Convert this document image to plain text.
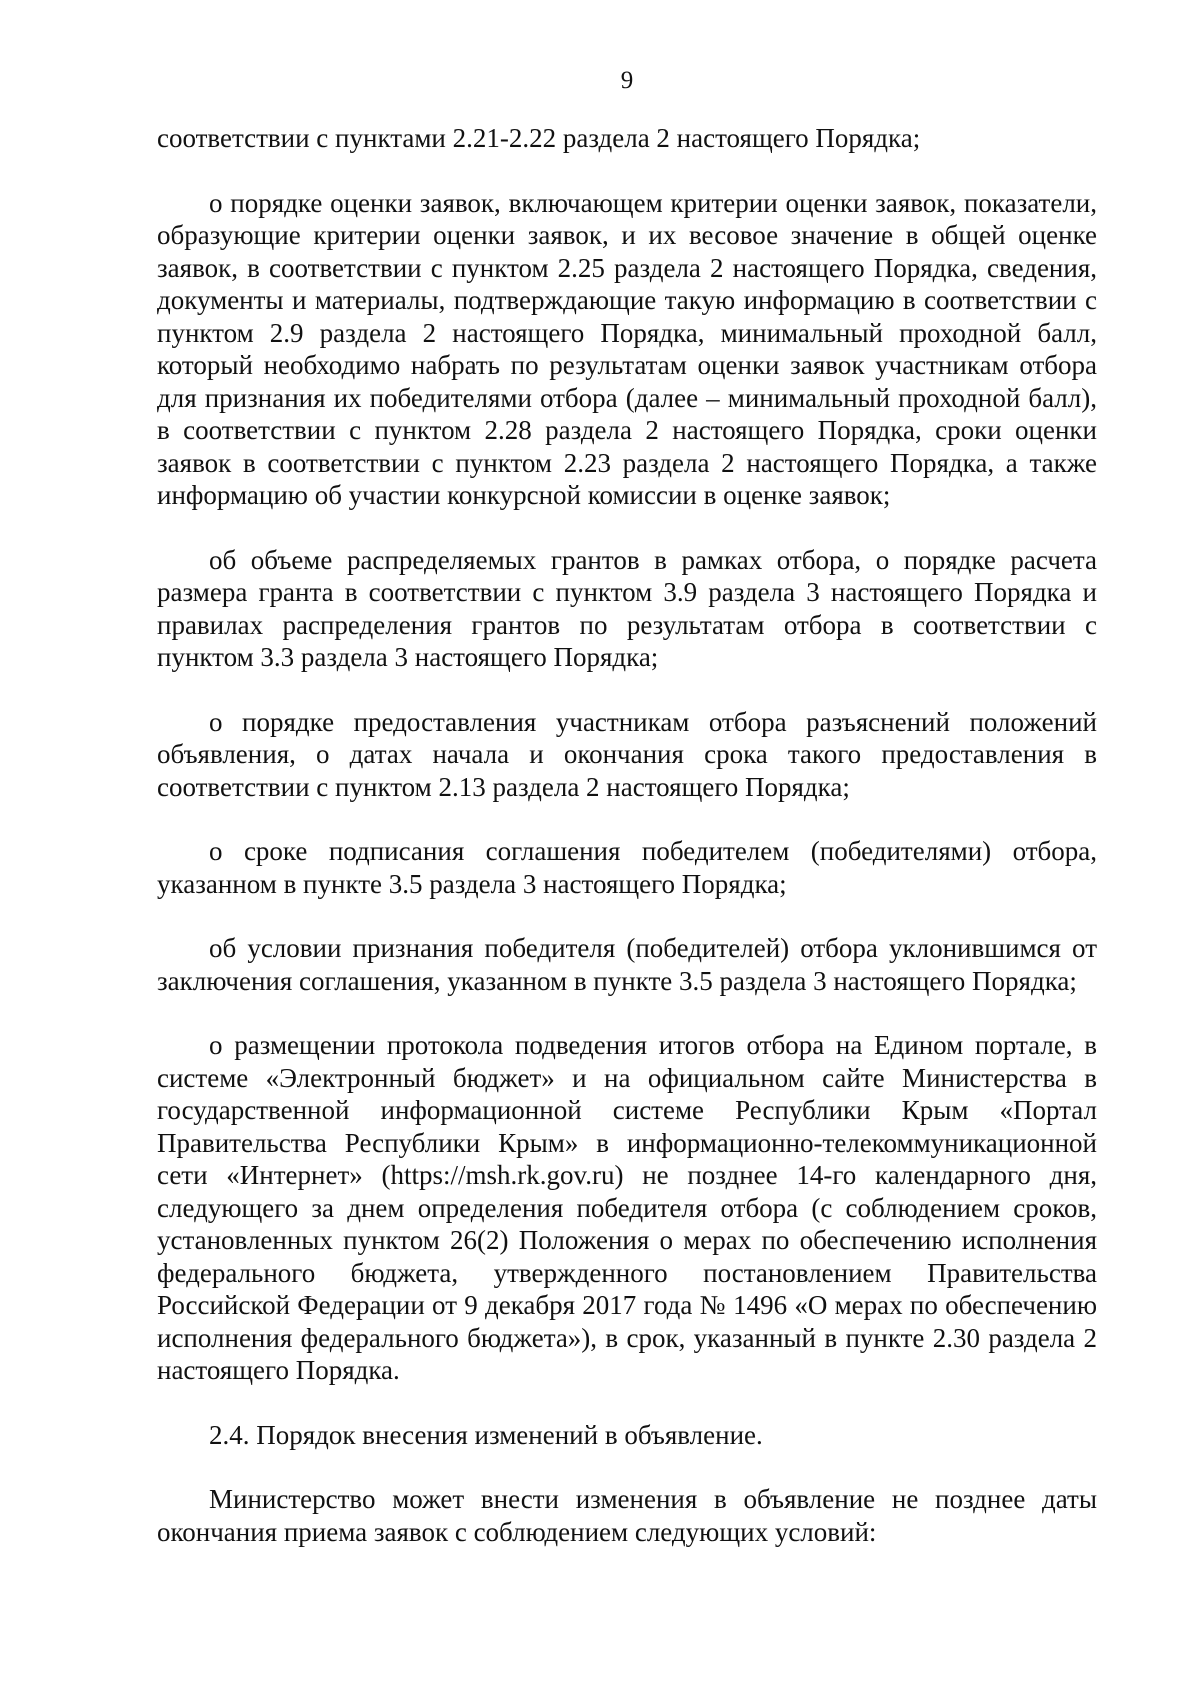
9

соответствии с пунктами 2.21-2.22 раздела 2 настоящего Порядка;

о порядке оценки заявок, включающем критерии оценки заявок, показатели, образующие критерии оценки заявок, и их весовое значение в общей оценке заявок, в соответствии с пунктом 2.25 раздела 2 настоящего Порядка, сведения, документы и материалы, подтверждающие такую информацию в соответствии с пунктом 2.9 раздела 2 настоящего Порядка, минимальный проходной балл, который необходимо набрать по результатам оценки заявок участникам отбора для признания их победителями отбора (далее – минимальный проходной балл), в соответствии с пунктом 2.28 раздела 2 настоящего Порядка, сроки оценки заявок в соответствии с пунктом 2.23 раздела 2 настоящего Порядка, а также информацию об участии конкурсной комиссии в оценке заявок;

об объеме распределяемых грантов в рамках отбора, о порядке расчета размера гранта в соответствии с пунктом 3.9 раздела 3 настоящего Порядка и правилах распределения грантов по результатам отбора в соответствии с пунктом 3.3 раздела 3 настоящего Порядка;

о порядке предоставления участникам отбора разъяснений положений объявления, о датах начала и окончания срока такого предоставления в соответствии с пунктом 2.13 раздела 2 настоящего Порядка;

о сроке подписания соглашения победителем (победителями) отбора, указанном в пункте 3.5 раздела 3 настоящего Порядка;

об условии признания победителя (победителей) отбора уклонившимся от заключения соглашения, указанном в пункте 3.5 раздела 3 настоящего Порядка;

о размещении протокола подведения итогов отбора на Едином портале, в системе «Электронный бюджет» и на официальном сайте Министерства в государственной информационной системе Республики Крым «Портал Правительства Республики Крым» в информационно-телекоммуникационной сети «Интернет» (https://msh.rk.gov.ru) не позднее 14-го календарного дня, следующего за днем определения победителя отбора (с соблюдением сроков, установленных пунктом 26(2) Положения о мерах по обеспечению исполнения федерального бюджета, утвержденного постановлением Правительства Российской Федерации от 9 декабря 2017 года № 1496 «О мерах по обеспечению исполнения федерального бюджета»), в срок, указанный в пункте 2.30 раздела 2 настоящего Порядка.

2.4. Порядок внесения изменений в объявление.

Министерство может внести изменения в объявление не позднее даты окончания приема заявок с соблюдением следующих условий:
